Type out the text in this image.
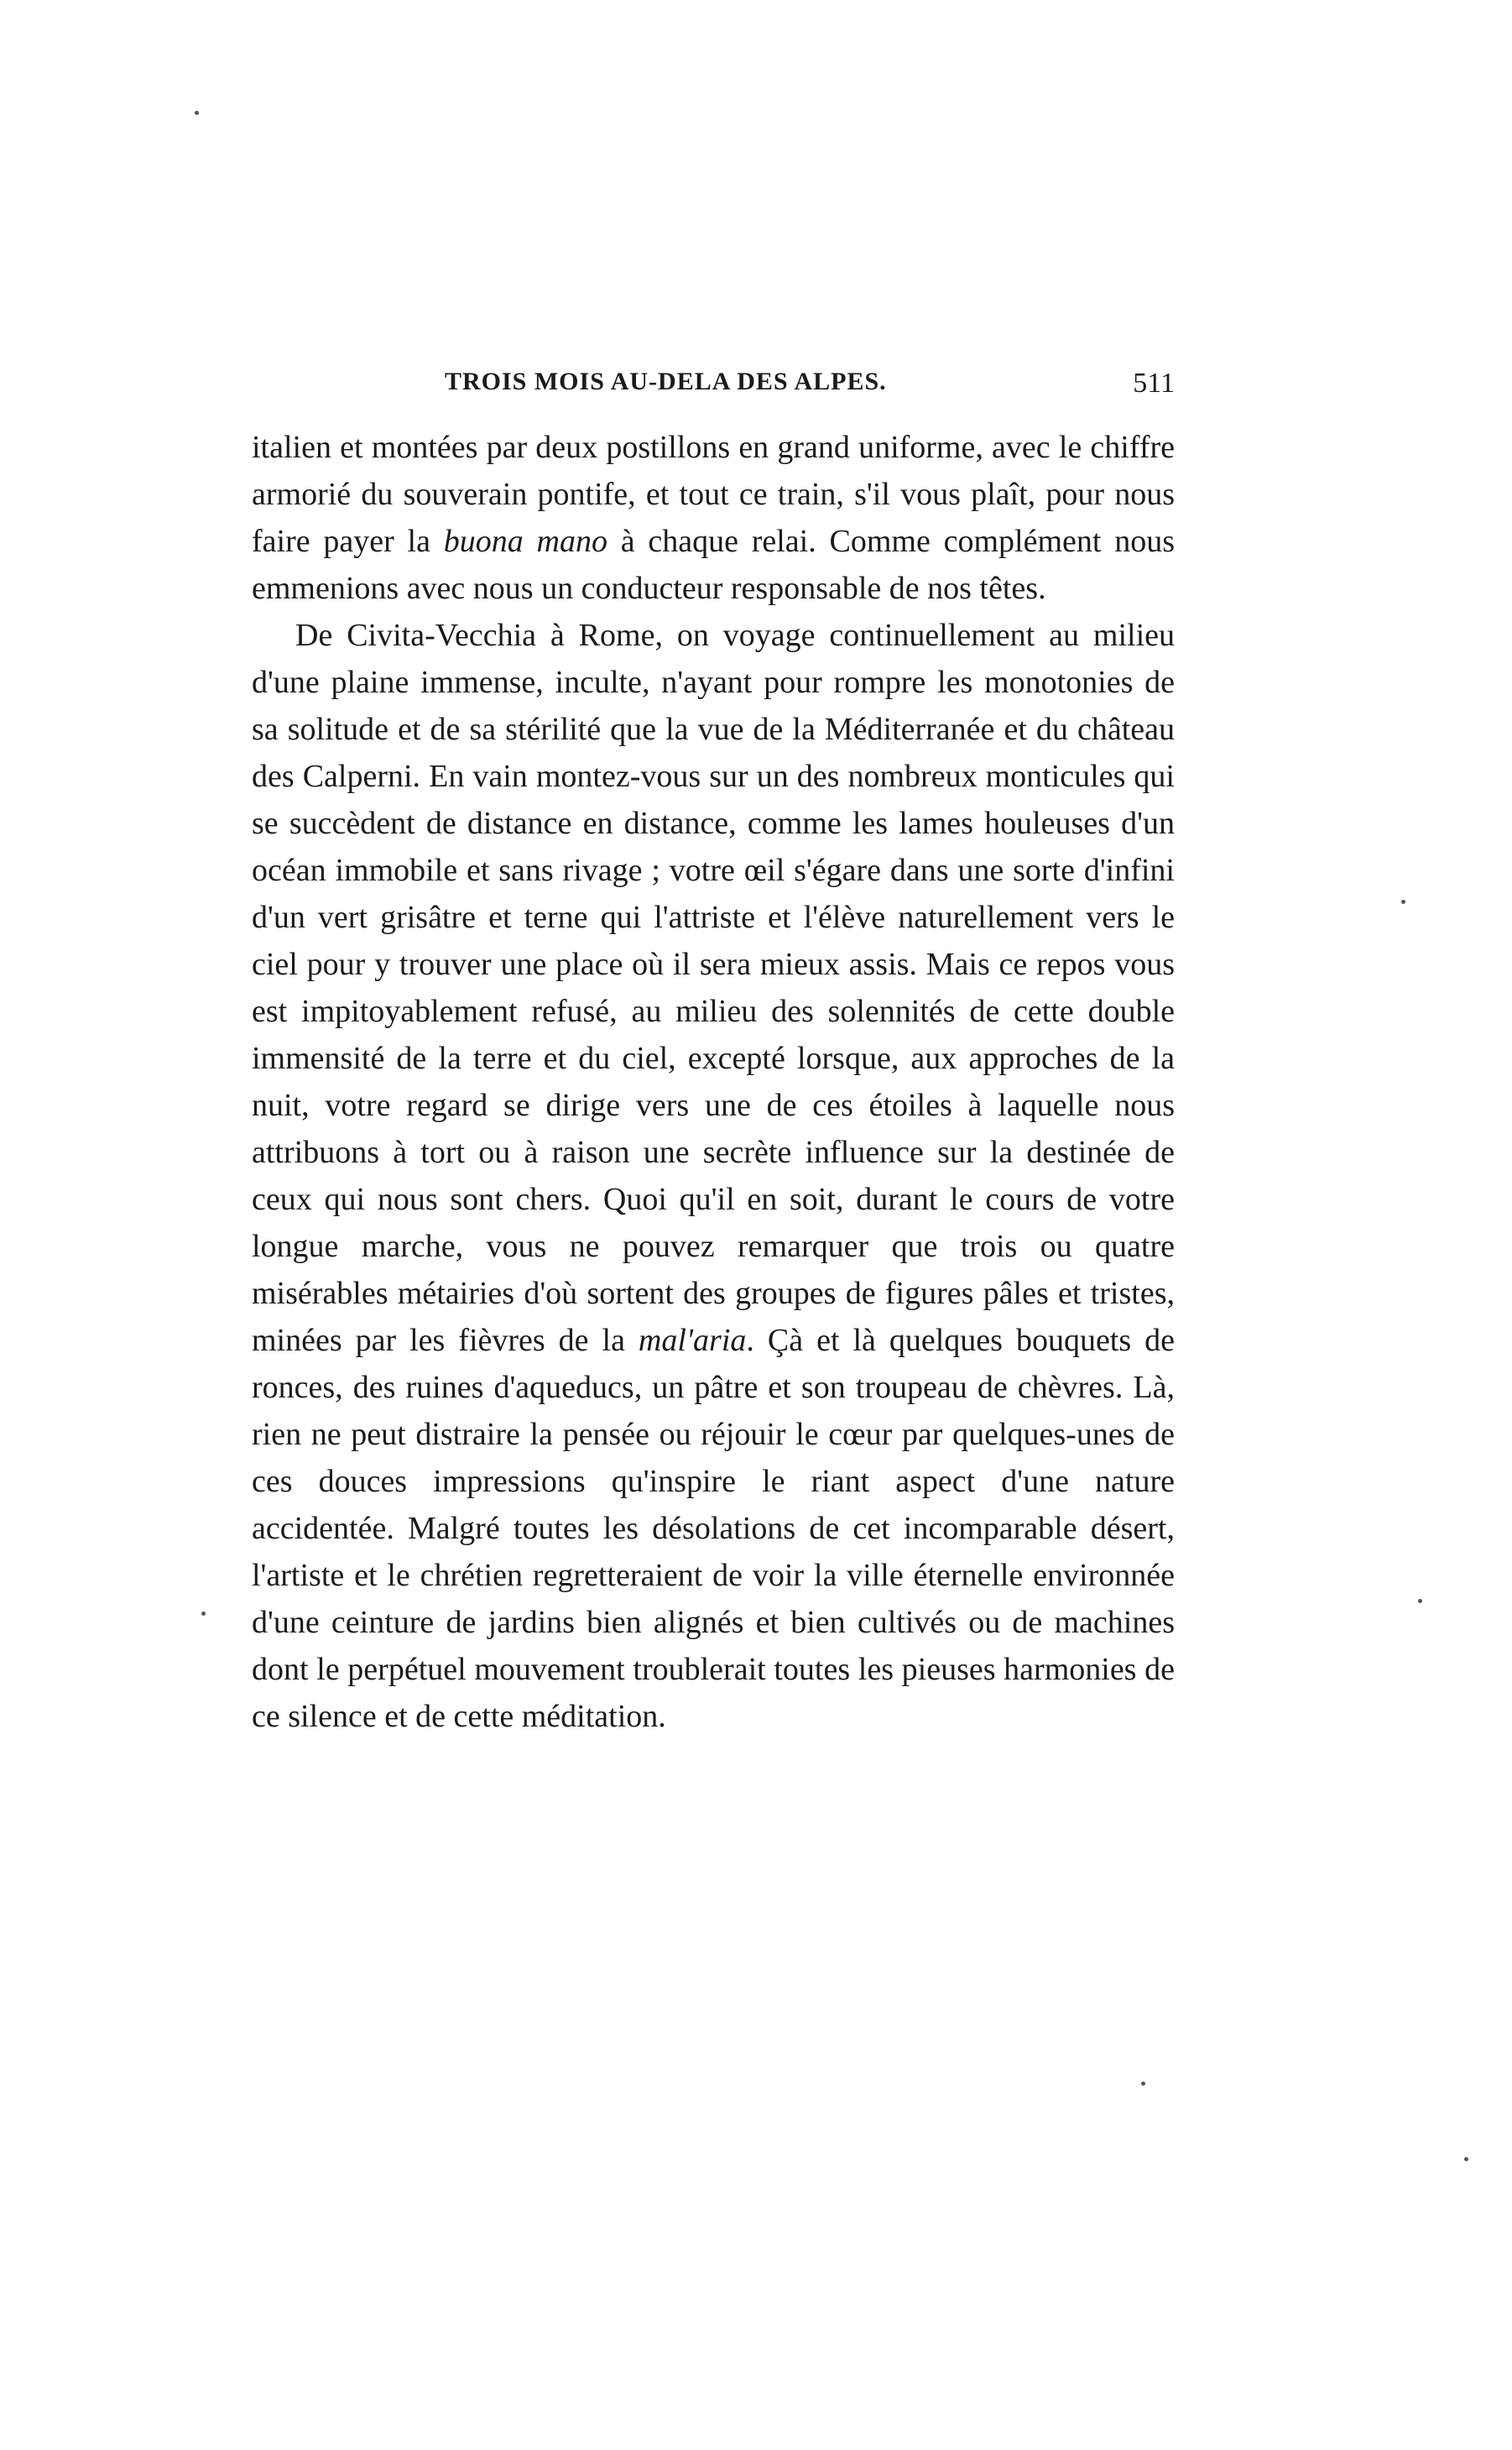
TROIS MOIS AU-DELA DES ALPES.	511

italien et montées par deux postillons en grand uniforme, avec le chiffre armorié du souverain pontife, et tout ce train, s'il vous plaît, pour nous faire payer la buona mano à chaque relai. Comme complément nous emmenions avec nous un conducteur responsable de nos têtes.

De Civita-Vecchia à Rome, on voyage continuellement au milieu d'une plaine immense, inculte, n'ayant pour rompre les monotonies de sa solitude et de sa stérilité que la vue de la Méditerranée et du château des Calperni. En vain montez-vous sur un des nombreux monticules qui se succèdent de distance en distance, comme les lames houleuses d'un océan immobile et sans rivage ; votre œil s'égare dans une sorte d'infini d'un vert grisâtre et terne qui l'attriste et l'élève naturellement vers le ciel pour y trouver une place où il sera mieux assis. Mais ce repos vous est impitoyablement refusé, au milieu des solennités de cette double immensité de la terre et du ciel, excepté lorsque, aux approches de la nuit, votre regard se dirige vers une de ces étoiles à laquelle nous attribuons à tort ou à raison une secrète influence sur la destinée de ceux qui nous sont chers. Quoi qu'il en soit, durant le cours de votre longue marche, vous ne pouvez remarquer que trois ou quatre misérables métairies d'où sortent des groupes de figures pâles et tristes, minées par les fièvres de la mal'aria. Çà et là quelques bouquets de ronces, des ruines d'aqueducs, un pâtre et son troupeau de chèvres. Là, rien ne peut distraire la pensée ou réjouir le cœur par quelques-unes de ces douces impressions qu'inspire le riant aspect d'une nature accidentée. Malgré toutes les désolations de cet incomparable désert, l'artiste et le chrétien regretteraient de voir la ville éternelle environnée d'une ceinture de jardins bien alignés et bien cultivés ou de machines dont le perpétuel mouvement troublerait toutes les pieuses harmonies de ce silence et de cette méditation.
